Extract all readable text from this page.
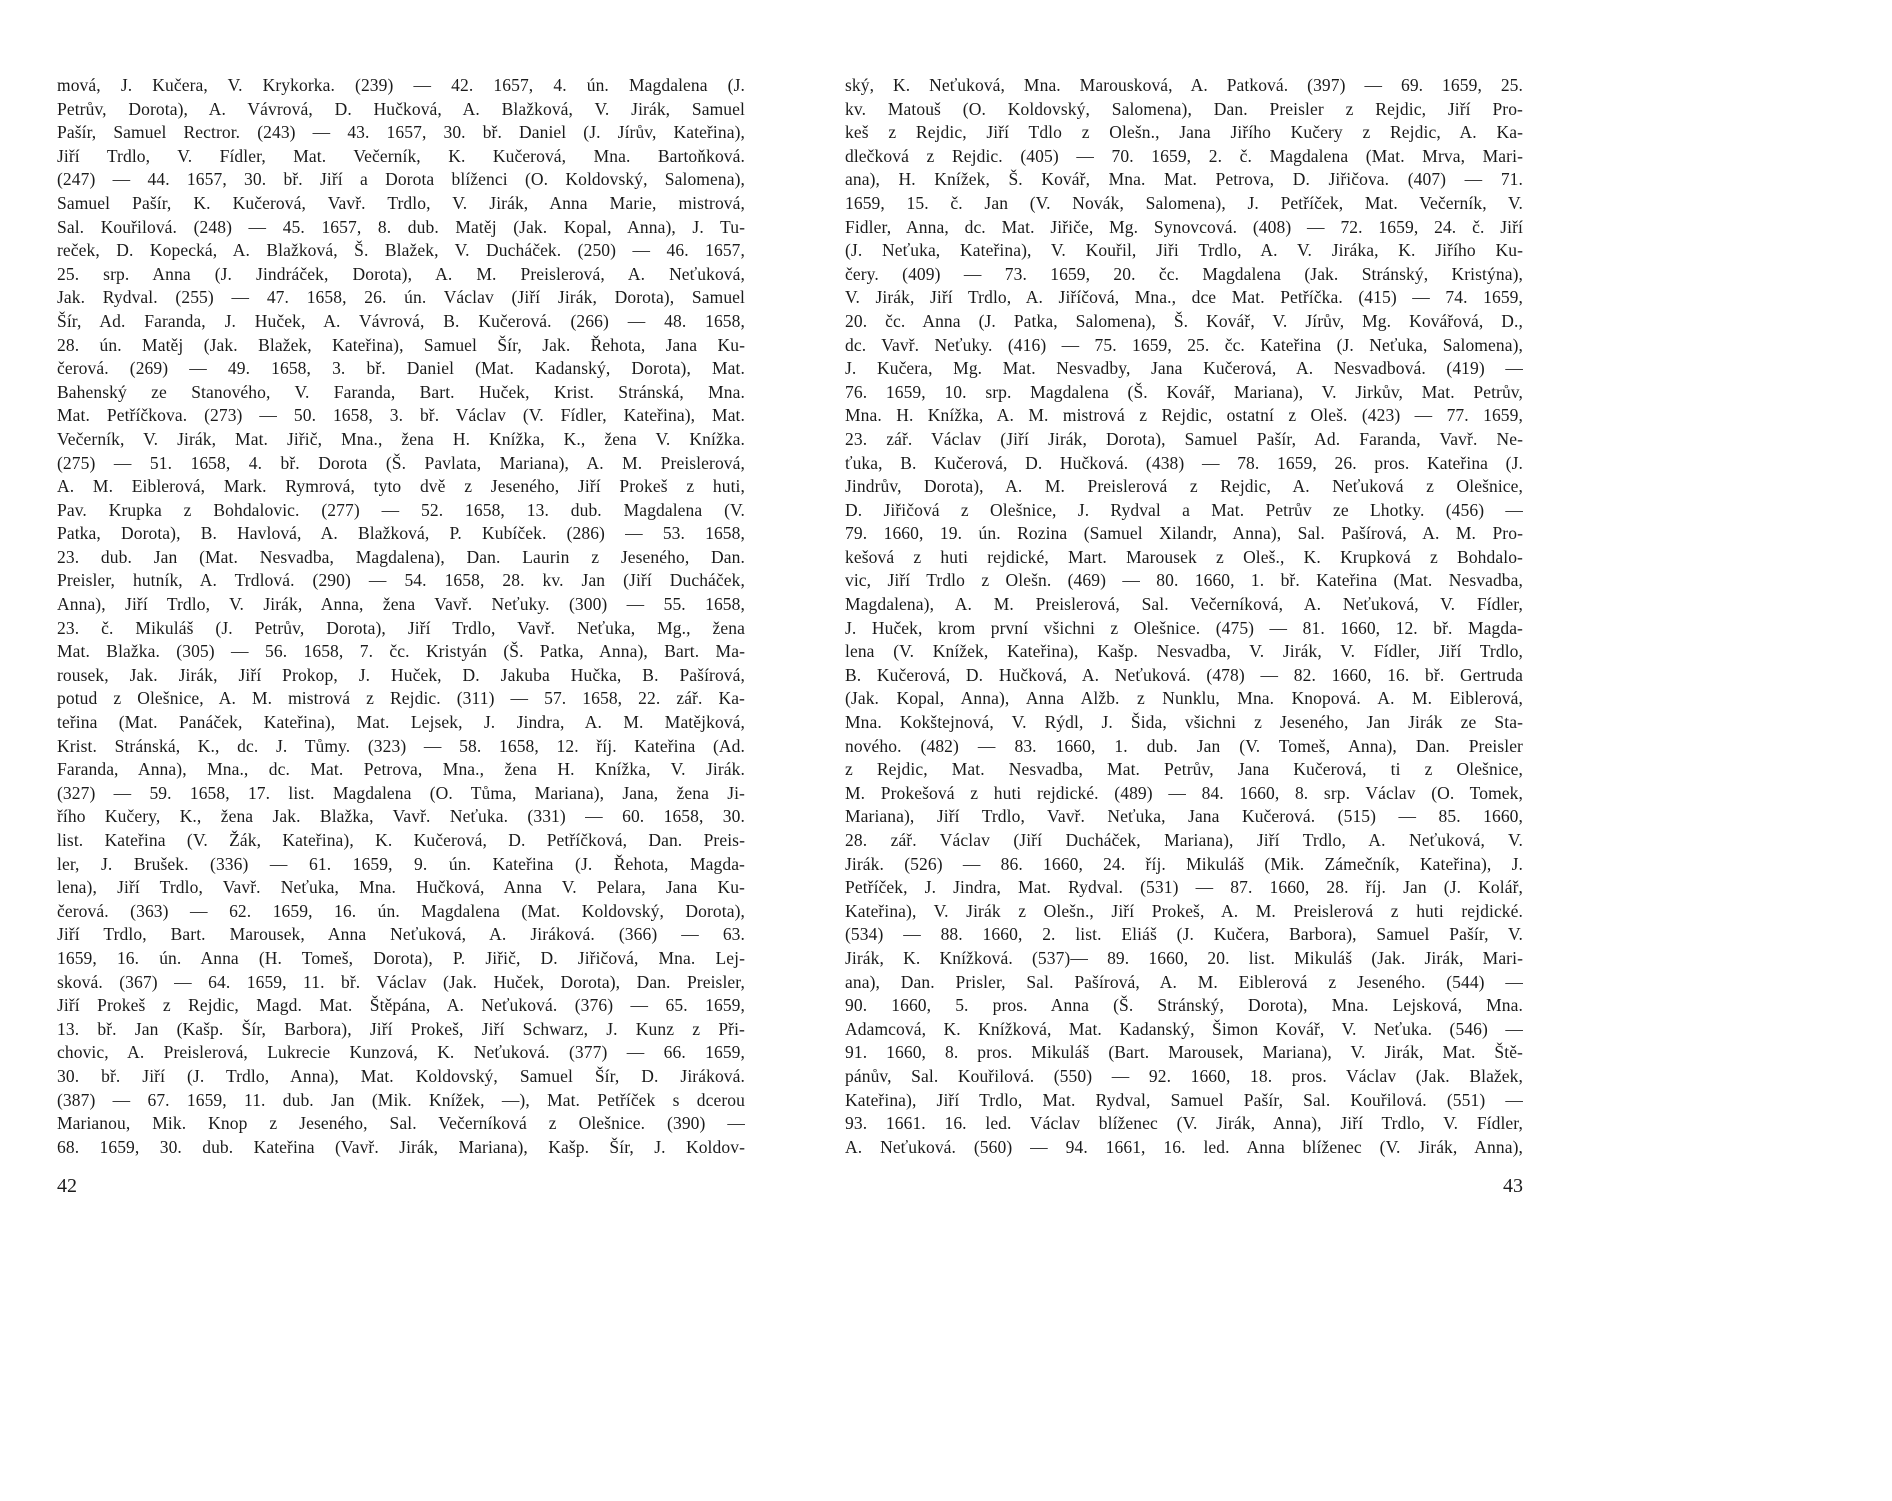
mová, J. Kučera, V. Krykorka. (239) — 42. 1657, 4. ún. Magdalena (J.
Petrův, Dorota), A. Vávrová, D. Hučková, A. Blažková, V. Jirák, Samuel
Pašír, Samuel Rectror. (243) — 43. 1657, 30. bř. Daniel (J. Jírův, Kateřina),
Jiří Trdlo, V. Fídler, Mat. Večerník, K. Kučerová, Mna. Bartoňková.
(247) — 44. 1657, 30. bř. Jiří a Dorota blíženci (O. Koldovský, Salomena),
Samuel Pašír, K. Kučerová, Vavř. Trdlo, V. Jirák, Anna Marie, mistrová,
Sal. Kouřilová. (248) — 45. 1657, 8. dub. Matěj (Jak. Kopal, Anna), J. Tu-
reček, D. Kopecká, A. Blažková, Š. Blažek, V. Ducháček. (250) — 46. 1657,
25. srp. Anna (J. Jindráček, Dorota), A. M. Preislerová, A. Neťuková,
Jak. Rydval. (255) — 47. 1658, 26. ún. Václav (Jiří Jirák, Dorota), Samuel
Šír, Ad. Faranda, J. Huček, A. Vávrová, B. Kučerová. (266) — 48. 1658,
28. ún. Matěj (Jak. Blažek, Kateřina), Samuel Šír, Jak. Řehota, Jana Ku-
čerová. (269) — 49. 1658, 3. bř. Daniel (Mat. Kadanský, Dorota), Mat.
Bahenský ze Stanového, V. Faranda, Bart. Huček, Krist. Stránská, Mna.
Mat. Petříčkova. (273) — 50. 1658, 3. bř. Václav (V. Fídler, Kateřina), Mat.
Večerník, V. Jirák, Mat. Jiřič, Mna., žena H. Knížka, K., žena V. Knížka.
(275) — 51. 1658, 4. bř. Dorota (Š. Pavlata, Mariana), A. M. Preislerová,
A. M. Eiblerová, Mark. Rymrová, tyto dvě z Jeseného, Jiří Prokeš z huti,
Pav. Krupka z Bohdalovic. (277) — 52. 1658, 13. dub. Magdalena (V.
Patka, Dorota), B. Havlová, A. Blažková, P. Kubíček. (286) — 53. 1658,
23. dub. Jan (Mat. Nesvadba, Magdalena), Dan. Laurin z Jeseného, Dan.
Preisler, hutník, A. Trdlová. (290) — 54. 1658, 28. kv. Jan (Jiří Ducháček,
Anna), Jiří Trdlo, V. Jirák, Anna, žena Vavř. Neťuky. (300) — 55. 1658,
23. č. Mikuláš (J. Petrův, Dorota), Jiří Trdlo, Vavř. Neťuka, Mg., žena
Mat. Blažka. (305) — 56. 1658, 7. čc. Kristyán (Š. Patka, Anna), Bart. Ma-
rousek, Jak. Jirák, Jiří Prokop, J. Huček, D. Jakuba Hučka, B. Pašírová,
potud z Olešnice, A. M. mistrová z Rejdic. (311) — 57. 1658, 22. zář. Ka-
teřina (Mat. Panáček, Kateřina), Mat. Lejsek, J. Jindra, A. M. Matějková,
Krist. Stránská, K., dc. J. Tůmy. (323) — 58. 1658, 12. říj. Kateřina (Ad.
Faranda, Anna), Mna., dc. Mat. Petrova, Mna., žena H. Knížka, V. Jirák.
(327) — 59. 1658, 17. list. Magdalena (O. Tůma, Mariana), Jana, žena Ji-
řího Kučery, K., žena Jak. Blažka, Vavř. Neťuka. (331) — 60. 1658, 30.
list. Kateřina (V. Žák, Kateřina), K. Kučerová, D. Petříčková, Dan. Preis-
ler, J. Brušek. (336) — 61. 1659, 9. ún. Kateřina (J. Řehota, Magda-
lena), Jiří Trdlo, Vavř. Neťuka, Mna. Hučková, Anna V. Pelara, Jana Ku-
čerová. (363) — 62. 1659, 16. ún. Magdalena (Mat. Koldovský, Dorota),
Jiří Trdlo, Bart. Marousek, Anna Neťuková, A. Jiráková. (366) — 63.
1659, 16. ún. Anna (H. Tomeš, Dorota), P. Jiřič, D. Jiřičová, Mna. Lej-
sková. (367) — 64. 1659, 11. bř. Václav (Jak. Huček, Dorota), Dan. Preisler,
Jiří Prokeš z Rejdic, Magd. Mat. Štěpána, A. Neťuková. (376) — 65. 1659,
13. bř. Jan (Kašp. Šír, Barbora), Jiří Prokeš, Jiří Schwarz, J. Kunz z Při-
chovic, A. Preislerová, Lukrecie Kunzová, K. Neťuková. (377) — 66. 1659,
30. bř. Jiří (J. Trdlo, Anna), Mat. Koldovský, Samuel Šír, D. Jiráková.
(387) — 67. 1659, 11. dub. Jan (Mik. Knížek, —), Mat. Petříček s dcerou
Marianou, Mik. Knop z Jeseného, Sal. Večerníková z Olešnice. (390) —
68. 1659, 30. dub. Kateřina (Vavř. Jirák, Mariana), Kašp. Šír, J. Koldov-
42
ský, K. Neťuková, Mna. Marousková, A. Patková. (397) — 69. 1659, 25.
kv. Matouš (O. Koldovský, Salomena), Dan. Preisler z Rejdic, Jiří Pro-
keš z Rejdic, Jiří Tdlo z Olešn., Jana Jiřího Kučery z Rejdic, A. Ka-
dlečková z Rejdic. (405) — 70. 1659, 2. č. Magdalena (Mat. Mrva, Mari-
ana), H. Knížek, Š. Kovář, Mna. Mat. Petrova, D. Jiřičova. (407) — 71.
1659, 15. č. Jan (V. Novák, Salomena), J. Petříček, Mat. Večerník, V.
Fidler, Anna, dc. Mat. Jiřiče, Mg. Synovcová. (408) — 72. 1659, 24. č. Jiří
(J. Neťuka, Kateřina), V. Kouřil, Jiři Trdlo, A. V. Jiráka, K. Jiřího Ku-
čery. (409) — 73. 1659, 20. čc. Magdalena (Jak. Stránský, Kristýna),
V. Jirák, Jiří Trdlo, A. Jiříčová, Mna., dce Mat. Petříčka. (415) — 74. 1659,
20. čc. Anna (J. Patka, Salomena), Š. Kovář, V. Jírův, Mg. Kovářová, D.,
dc. Vavř. Neťuky. (416) — 75. 1659, 25. čc. Kateřina (J. Neťuka, Salomena),
J. Kučera, Mg. Mat. Nesvadby, Jana Kučerová, A. Nesvadbová. (419) —
76. 1659, 10. srp. Magdalena (Š. Kovář, Mariana), V. Jirkův, Mat. Petrův,
Mna. H. Knížka, A. M. mistrová z Rejdic, ostatní z Oleš. (423) — 77. 1659,
23. zář. Václav (Jiří Jirák, Dorota), Samuel Pašír, Ad. Faranda, Vavř. Ne-
ťuka, B. Kučerová, D. Hučková. (438) — 78. 1659, 26. pros. Kateřina (J.
Jindrův, Dorota), A. M. Preislerová z Rejdic, A. Neťuková z Olešnice,
D. Jiřičová z Olešnice, J. Rydval a Mat. Petrův ze Lhotky. (456) —
79. 1660, 19. ún. Rozina (Samuel Xilandr, Anna), Sal. Pašírová, A. M. Pro-
kešová z huti rejdické, Mart. Marousek z Oleš., K. Krupková z Bohdalo-
vic, Jiří Trdlo z Olešn. (469) — 80. 1660, 1. bř. Kateřina (Mat. Nesvadba,
Magdalena), A. M. Preislerová, Sal. Večerníková, A. Neťuková, V. Fídler,
J. Huček, krom první všichni z Olešnice. (475) — 81. 1660, 12. bř. Magda-
lena (V. Knížek, Kateřina), Kašp. Nesvadba, V. Jirák, V. Fídler, Jiří Trdlo,
B. Kučerová, D. Hučková, A. Neťuková. (478) — 82. 1660, 16. bř. Gertruda
(Jak. Kopal, Anna), Anna Alžb. z Nunklu, Mna. Knopová. A. M. Eiblerová,
Mna. Kokštejnová, V. Rýdl, J. Šida, všichni z Jeseného, Jan Jirák ze Sta-
nového. (482) — 83. 1660, 1. dub. Jan (V. Tomeš, Anna), Dan. Preisler
z Rejdic, Mat. Nesvadba, Mat. Petrův, Jana Kučerová, ti z Olešnice,
M. Prokešová z huti rejdické. (489) — 84. 1660, 8. srp. Václav (O. Tomek,
Mariana), Jiří Trdlo, Vavř. Neťuka, Jana Kučerová. (515) — 85. 1660,
28. zář. Václav (Jiří Ducháček, Mariana), Jiří Trdlo, A. Neťuková, V.
Jirák. (526) — 86. 1660, 24. říj. Mikuláš (Mik. Zámečník, Kateřina), J.
Petříček, J. Jindra, Mat. Rydval. (531) — 87. 1660, 28. říj. Jan (J. Kolář,
Kateřina), V. Jirák z Olešn., Jiří Prokeš, A. M. Preislerová z huti rejdické.
(534) — 88. 1660, 2. list. Eliáš (J. Kučera, Barbora), Samuel Pašír, V.
Jirák, K. Knížková. (537)— 89. 1660, 20. list. Mikuláš (Jak. Jirák, Mari-
ana), Dan. Prisler, Sal. Pašírová, A. M. Eiblerová z Jeseného. (544) —
90. 1660, 5. pros. Anna (Š. Stránský, Dorota), Mna. Lejsková, Mna.
Adamcová, K. Knížková, Mat. Kadanský, Šimon Kovář, V. Neťuka. (546) —
91. 1660, 8. pros. Mikuláš (Bart. Marousek, Mariana), V. Jirák, Mat. Ště-
pánův, Sal. Kouřilová. (550) — 92. 1660, 18. pros. Václav (Jak. Blažek,
Kateřina), Jiří Trdlo, Mat. Rydval, Samuel Pašír, Sal. Kouřilová. (551) —
93. 1661. 16. led. Václav blíženec (V. Jirák, Anna), Jiří Trdlo, V. Fídler,
A. Neťuková. (560) — 94. 1661, 16. led. Anna blíženec (V. Jirák, Anna),
43
